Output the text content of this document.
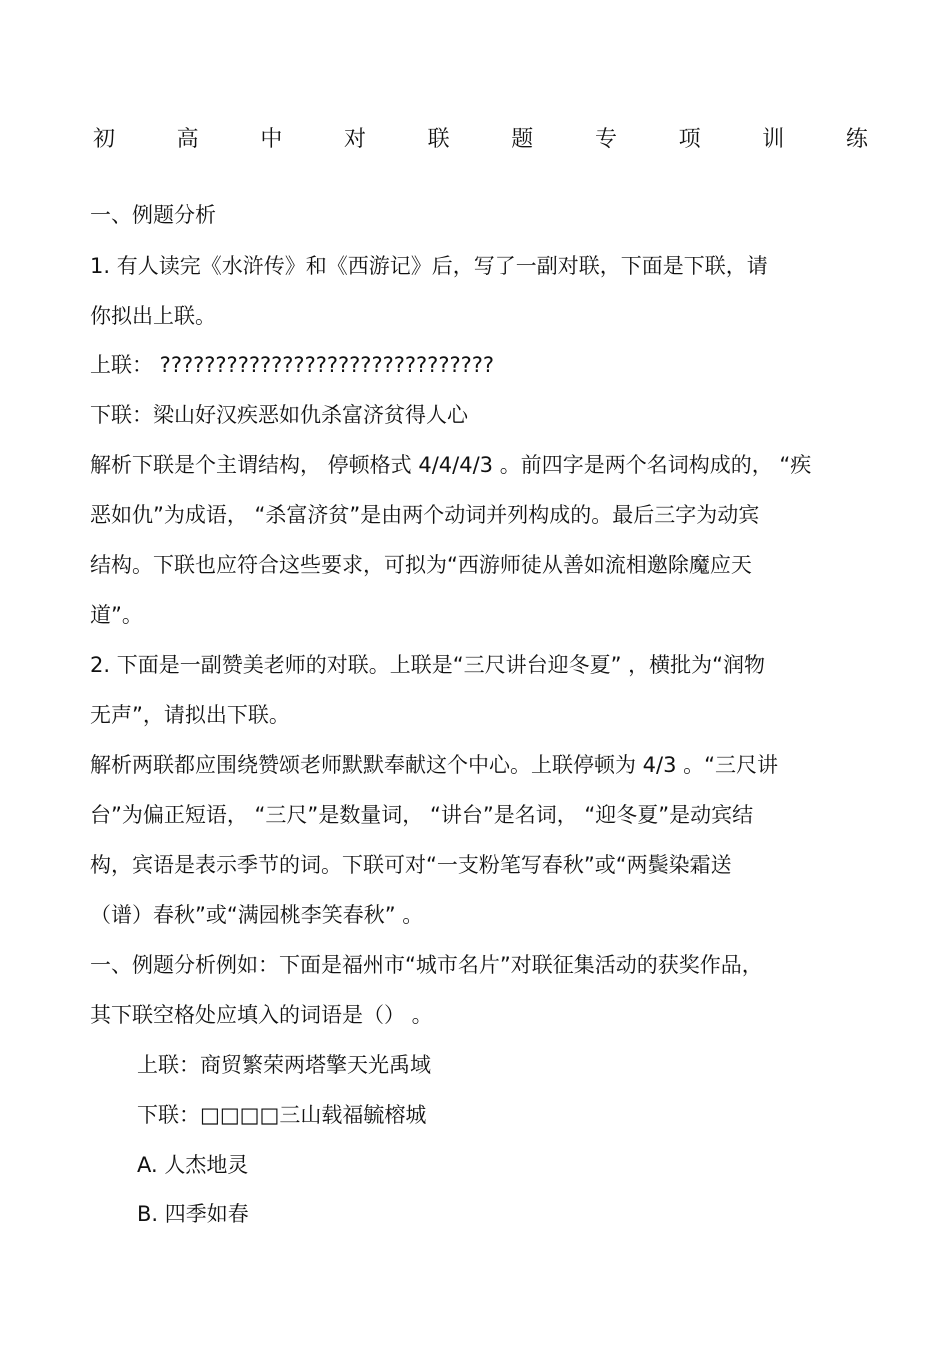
初	高	中	对	联	题	专	项	训	练
一、例题分析
1. 有人读完《水浒传》和《西游记》后，写了一副对联，下面是下联，请
你拟出上联。
上联： ??????????????????????????????
下联：梁山好汉疾恶如仇杀富济贫得人心
解析下联是个主谓结构， 停顿格式 4/4/4/3 。前四字是两个名词构成的， “疾
恶如仇”为成语， “杀富济贫”是由两个动词并列构成的。最后三字为动宾
结构。下联也应符合这些要求，可拟为“西游师徒从善如流相邀除魔应天
道”。
2. 下面是一副赞美老师的对联。上联是“三尺讲台迎冬夏” ，横批为“润物
无声”，请拟出下联。
解析两联都应围绕赞颂老师默默奉献这个中心。上联停顿为 4/3 。“三尺讲
台”为偏正短语， “三尺”是数量词， “讲台”是名词， “迎冬夏”是动宾结
构，宾语是表示季节的词。下联可对“一支粉笔写春秋”或“两鬓染霜送
（谱）春秋”或“满园桃李笑春秋” 。
一、例题分析例如：下面是福州市“城市名片”对联征集活动的获奖作品，
其下联空格处应填入的词语是（） 。
上联：商贸繁荣两塔擎天光禹域
下联：□□□□三山载福毓榕城
A. 人杰地灵
B. 四季如春
